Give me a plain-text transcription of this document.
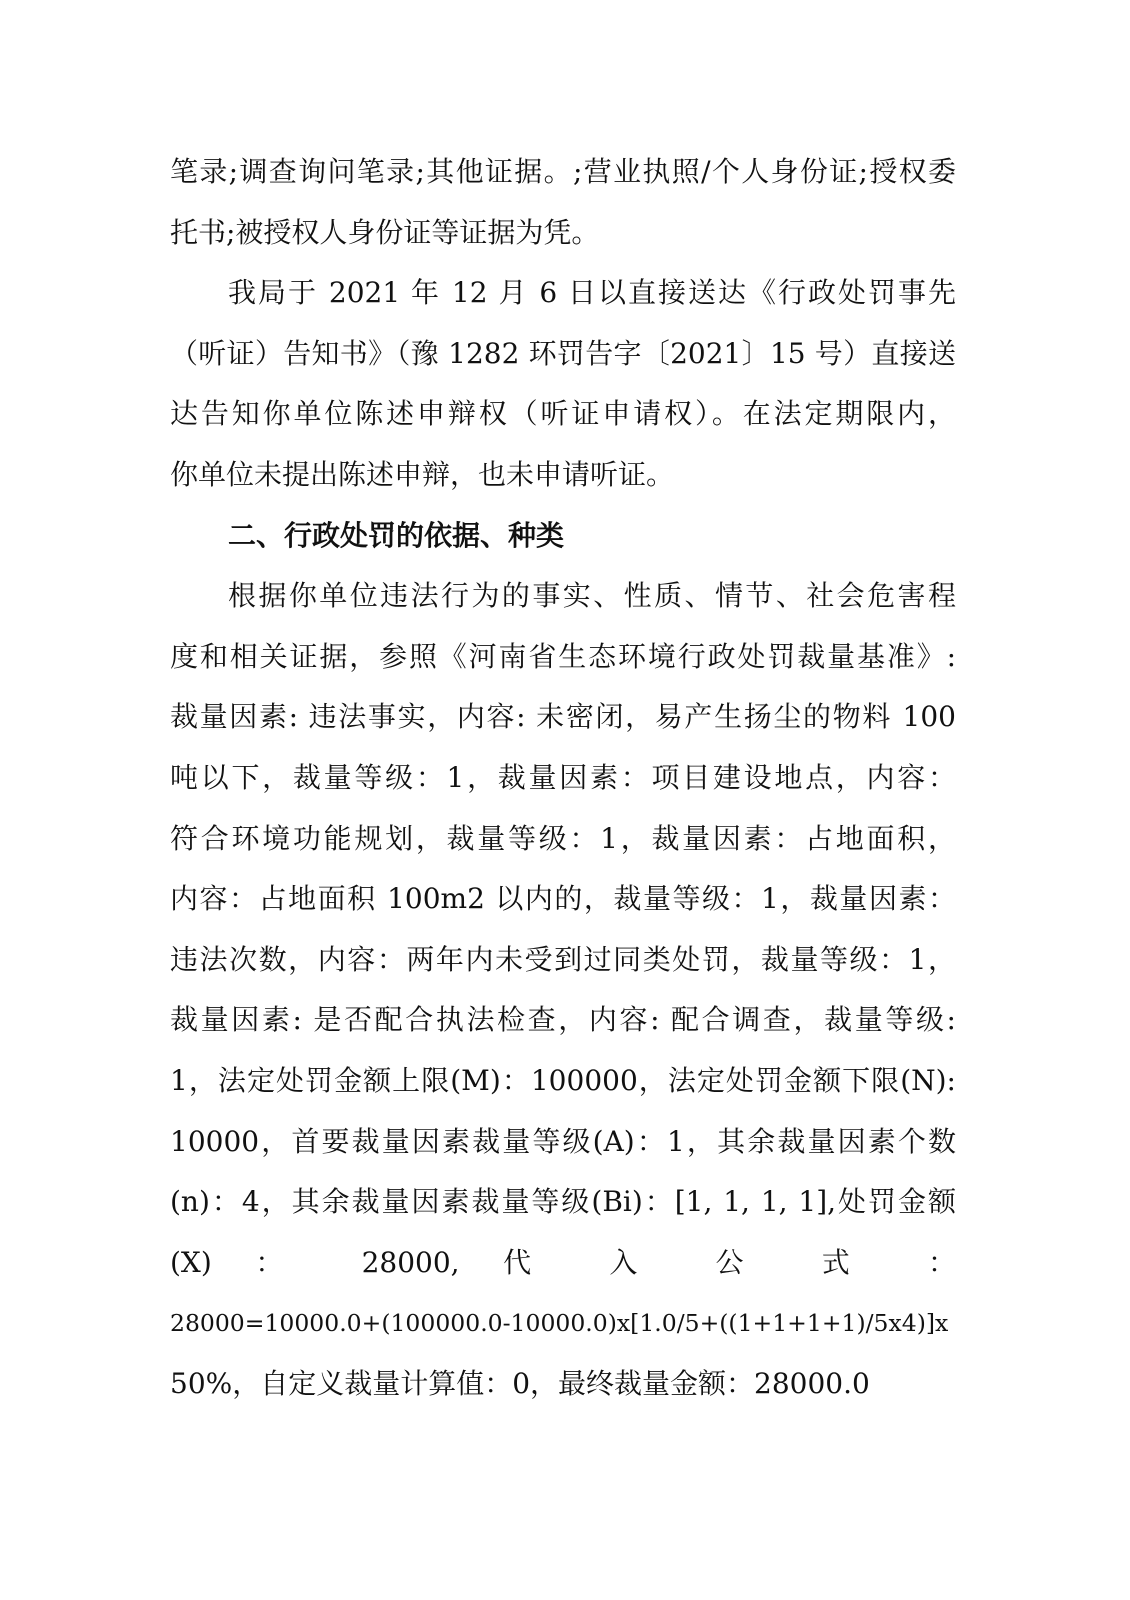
笔录;调查询问笔录;其他证据。;营业执照/个人身份证;授权委
托书;被授权人身份证等证据为凭。
我局于 2021 年 12 月 6 日以直接送达《行政处罚事先
（听证）告知书》（豫 1282 环罚告字〔2021〕15 号）直接送
达告知你单位陈述申辩权（听证申请权）。在法定期限内，
你单位未提出陈述申辩，也未申请听证。
二、行政处罚的依据、种类
根据你单位违法行为的事实、性质、情节、社会危害程
度和相关证据，参照《河南省生态环境行政处罚裁量基准》:
裁量因素: 违法事实，内容: 未密闭，易产生扬尘的物料 100
吨以下，裁量等级：1，裁量因素：项目建设地点，内容：
符合环境功能规划，裁量等级：1，裁量因素：占地面积，
内容：占地面积 100m2 以内的，裁量等级：1，裁量因素：
违法次数，内容：两年内未受到过同类处罚，裁量等级：1，
裁量因素: 是否配合执法检查，内容: 配合调查，裁量等级:
1，法定处罚金额上限(M)：100000，法定处罚金额下限(N):
10000，首要裁量因素裁量等级(A)：1，其余裁量因素个数
(n)：4，其余裁量因素裁量等级(Bi)：[1, 1, 1, 1],处罚金额
(X) ： 28000, 代 入 公 式 ：
28000=10000.0+(100000.0-10000.0)x[1.0/5+((1+1+1+1)/5x4)]x
50%，自定义裁量计算值：0，最终裁量金额：28000.0
